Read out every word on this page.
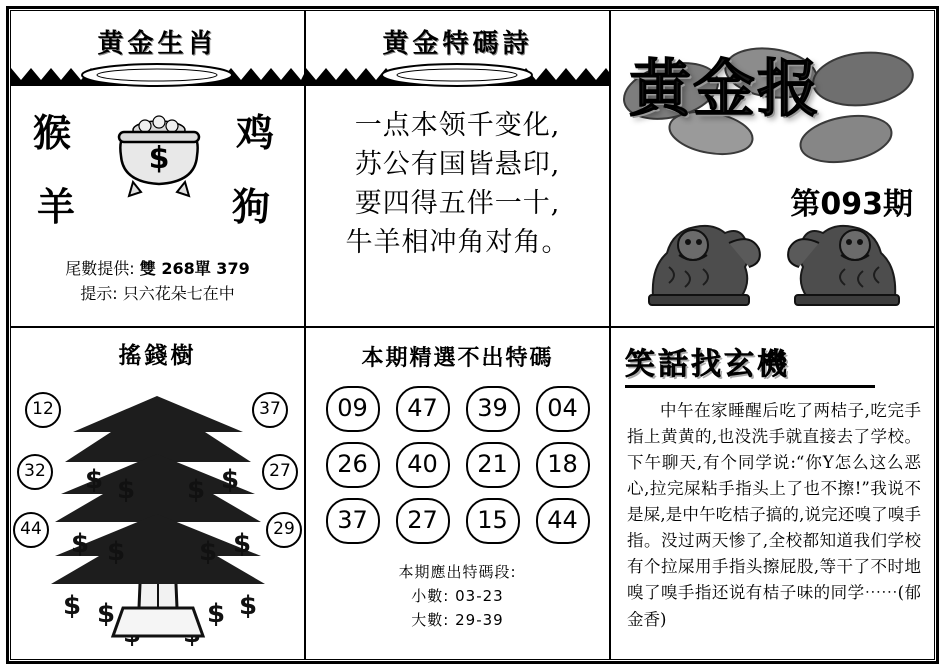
黄金生肖
猴	鸡
羊	狗
$
尾數提供: 雙 268單 379
提示: 只六花朵七在中
黄金特碼詩
一点本领千变化,
苏公有国皆悬印,
要四得五伴一十,
牛羊相冲角对角。
黄金报
第093期
搖錢樹
12
32
44
37
27
29
$ $ $ $
$ $	$ $
$ $	$ $
本期精選不出特碼
09	47	39	04
26	40	21	18
37	27	15	44
本期應出特碼段:
小數: 03-23
大數: 29-39
笑話找玄機
中午在家睡醒后吃了两桔子,吃完手指上黄黄的,也没洗手就直接去了学校。下午聊天,有个同学说:“你Y怎么这么恶心,拉完屎粘手指头上了也不擦!”我说不是屎,是中午吃桔子搞的,说完还嗅了嗅手指。没过两天惨了,全校都知道我们学校有个拉屎用手指头擦屁股,等干了不时地嗅了嗅手指还说有桔子味的同学⋯⋯(郁金香)
